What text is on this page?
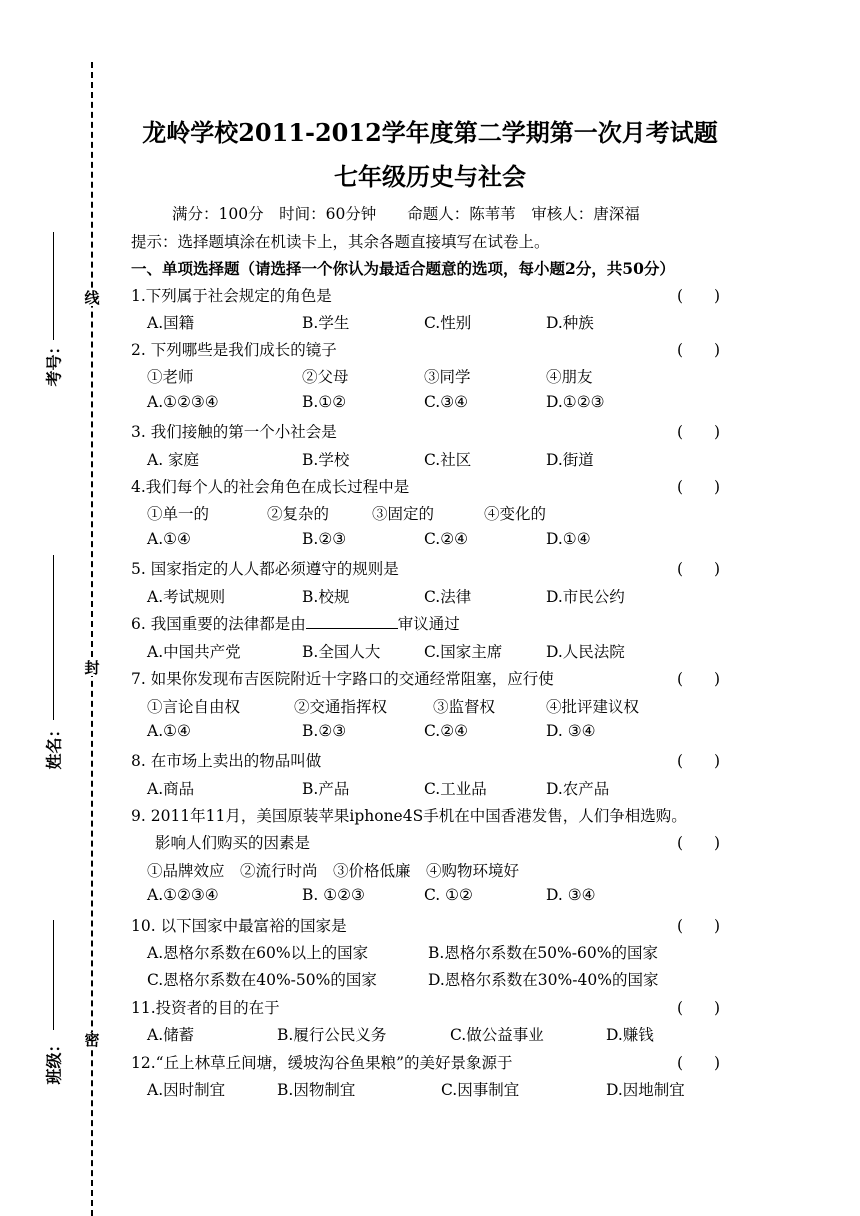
线
封
密
考号：
姓名：
班级：
龙岭学校2011-2012学年度第二学期第一次月考试题
七年级历史与社会
满分：100分　时间：60分钟　　命题人：陈苇苇　审核人：唐深福
提示：选择题填涂在机读卡上，其余各题直接填写在试卷上。
一、单项选择题（请选择一个你认为最适合题意的选项，每小题2分，共50分）
1.下列属于社会规定的角色是	(　　)
A.国籍	B.学生	C.性别	D.种族
2. 下列哪些是我们成长的镜子	(　　)
①老师	②父母	③同学	④朋友
A.①②③④	B.①②	C.③④	D.①②③
3. 我们接触的第一个小社会是	(　　)
A. 家庭	B.学校	C.社区	D.街道
4.我们每个人的社会角色在成长过程中是	(　　)
①单一的	②复杂的	③固定的	④变化的
A.①④	B.②③	C.②④	D.①④
5. 国家指定的人人都必须遵守的规则是	(　　)
A.考试规则	B.校规	C.法律	D.市民公约
6. 我国重要的法律都是由	审议通过
A.中国共产党	B.全国人大	C.国家主席	D.人民法院
7. 如果你发现布吉医院附近十字路口的交通经常阻塞，应行使	(　　)
①言论自由权	②交通指挥权	③监督权	④批评建议权
A.①④	B.②③	C.②④	D. ③④
8. 在市场上卖出的物品叫做	(　　)
A.商品	B.产品	C.工业品	D.农产品
9. 2011年11月，美国原装苹果iphone4S手机在中国香港发售，人们争相选购。
影响人们购买的因素是	(　　)
①品牌效应　②流行时尚　③价格低廉　④购物环境好
A.①②③④	B. ①②③	C. ①②	D. ③④
10. 以下国家中最富裕的国家是	(　　)
A.恩格尔系数在60%以上的国家	B.恩格尔系数在50%-60%的国家
C.恩格尔系数在40%-50%的国家	D.恩格尔系数在30%-40%的国家
11.投资者的目的在于	(　　)
A.储蓄	B.履行公民义务	C.做公益事业	D.赚钱
12.“丘上林草丘间塘，缓坡沟谷鱼果粮”的美好景象源于	(　　)
A.因时制宜	B.因物制宜	C.因事制宜	D.因地制宜
